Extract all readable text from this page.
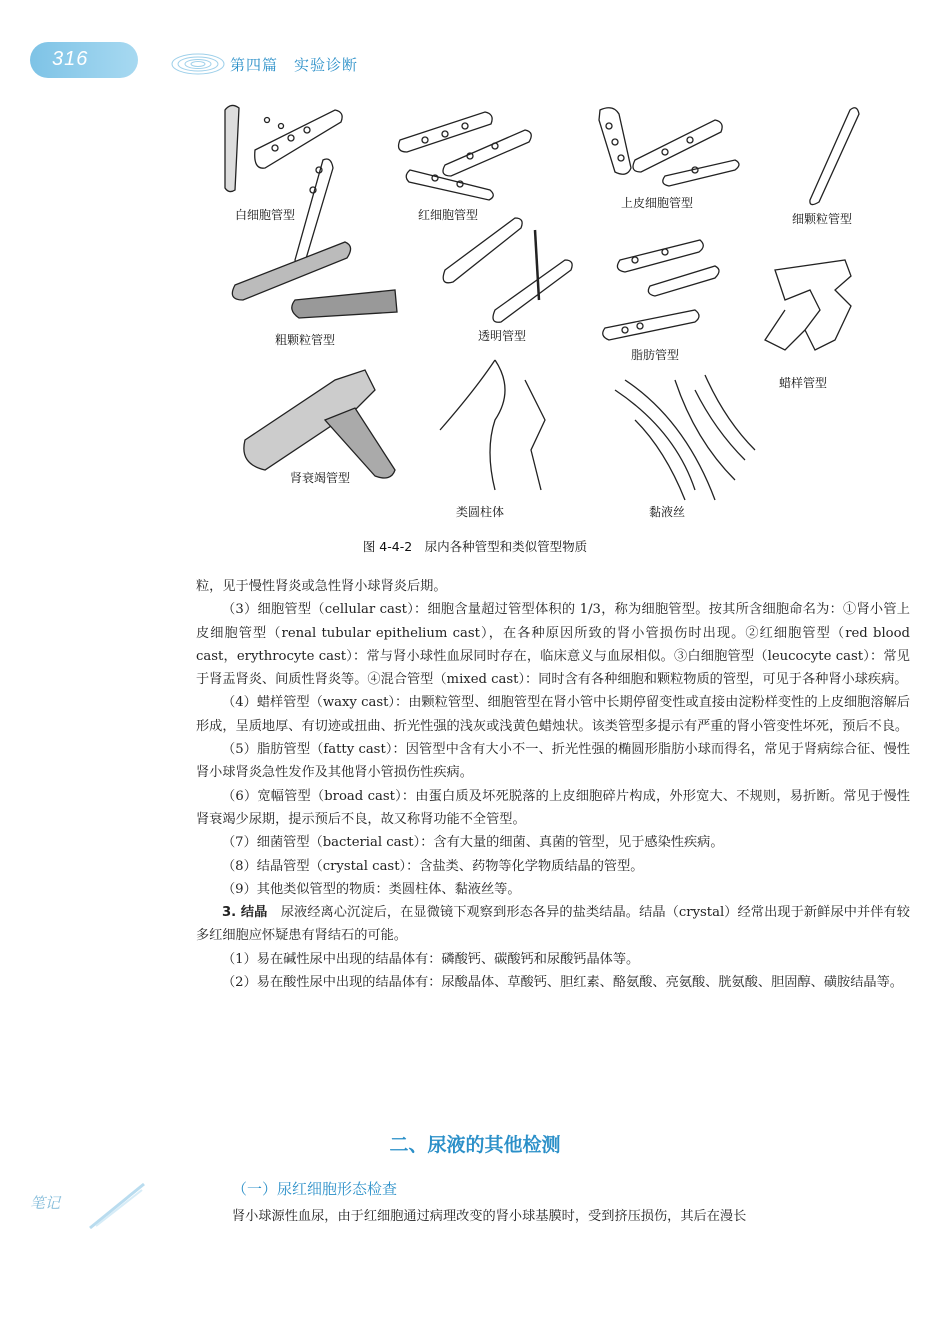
316	第四篇　实验诊断
白细胞管型	红细胞管型
上皮细胞管型
细颗粒管型
粗颗粒管型	透明管型
脂肪管型
蜡样管型
肾衰竭管型
类圆柱体	黏液丝
图 4-4-2　尿内各种管型和类似管型物质

粒，见于慢性肾炎或急性肾小球肾炎后期。

（3）细胞管型（cellular cast）：细胞含量超过管型体积的 1/3，称为细胞管型。按其所含细胞命名为：①肾小管上皮细胞管型（renal tubular epithelium cast），在各种原因所致的肾小管损伤时出现。②红细胞管型（red blood cast，erythrocyte cast）：常与肾小球性血尿同时存在，临床意义与血尿相似。③白细胞管型（leucocyte cast）：常见于肾盂肾炎、间质性肾炎等。④混合管型（mixed cast）：同时含有各种细胞和颗粒物质的管型，可见于各种肾小球疾病。

（4）蜡样管型（waxy cast）：由颗粒管型、细胞管型在肾小管中长期停留变性或直接由淀粉样变性的上皮细胞溶解后形成，呈质地厚、有切迹或扭曲、折光性强的浅灰或浅黄色蜡烛状。该类管型多提示有严重的肾小管变性坏死，预后不良。

（5）脂肪管型（fatty cast）：因管型中含有大小不一、折光性强的椭圆形脂肪小球而得名，常见于肾病综合征、慢性肾小球肾炎急性发作及其他肾小管损伤性疾病。

（6）宽幅管型（broad cast）：由蛋白质及坏死脱落的上皮细胞碎片构成，外形宽大、不规则，易折断。常见于慢性肾衰竭少尿期，提示预后不良，故又称肾功能不全管型。

（7）细菌管型（bacterial cast）：含有大量的细菌、真菌的管型，见于感染性疾病。

（8）结晶管型（crystal cast）：含盐类、药物等化学物质结晶的管型。

（9）其他类似管型的物质：类圆柱体、黏液丝等。

3. 结晶　尿液经离心沉淀后，在显微镜下观察到形态各异的盐类结晶。结晶（crystal）经常出现于新鲜尿中并伴有较多红细胞应怀疑患有肾结石的可能。

（1）易在碱性尿中出现的结晶体有：磷酸钙、碳酸钙和尿酸钙晶体等。

（2）易在酸性尿中出现的结晶体有：尿酸晶体、草酸钙、胆红素、酪氨酸、亮氨酸、胱氨酸、胆固醇、磺胺结晶等。

二、尿液的其他检测
（一）尿红细胞形态检查
肾小球源性血尿，由于红细胞通过病理改变的肾小球基膜时，受到挤压损伤，其后在漫长
笔记
